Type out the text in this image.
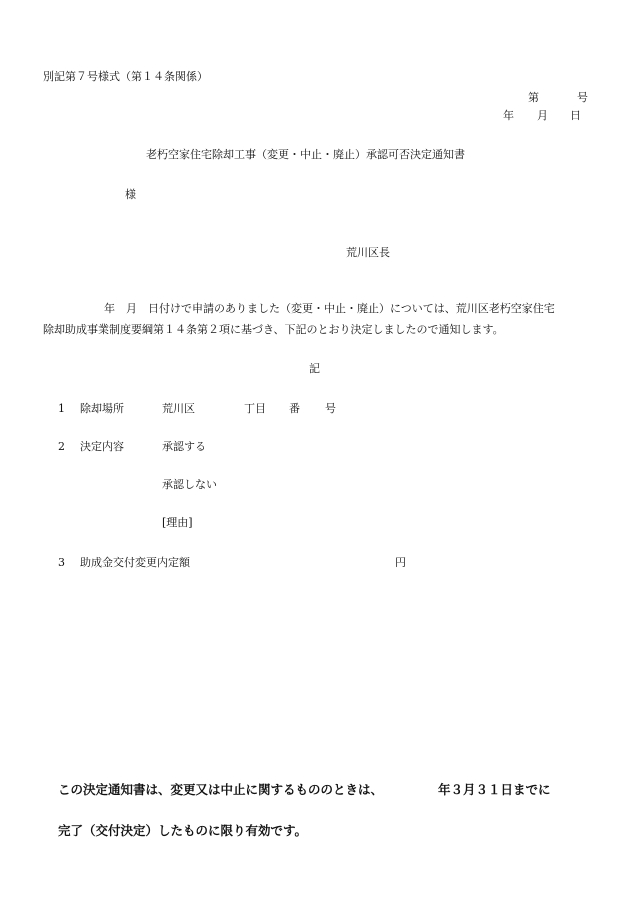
別記第７号様式（第１４条関係）
第	号
年 月 日
老朽空家住宅除却工事（変更・中止・廃止）承認可否決定通知書
様
荒川区長
年　月　日付けで申請のありました（変更・中止・廃止）については、荒川区老朽空家住宅
除却助成事業制度要綱第１４条第２項に基づき、下記のとおり決定しましたので通知します。
記
1 除却場所	荒川区	丁目 番 号
2 決定内容	承認する
承認しない
[理由]
3 助成金交付変更内定額	円
この決定通知書は、変更又は中止に関するもののときは、	年３月３１日までに
完了（交付決定）したものに限り有効です。
